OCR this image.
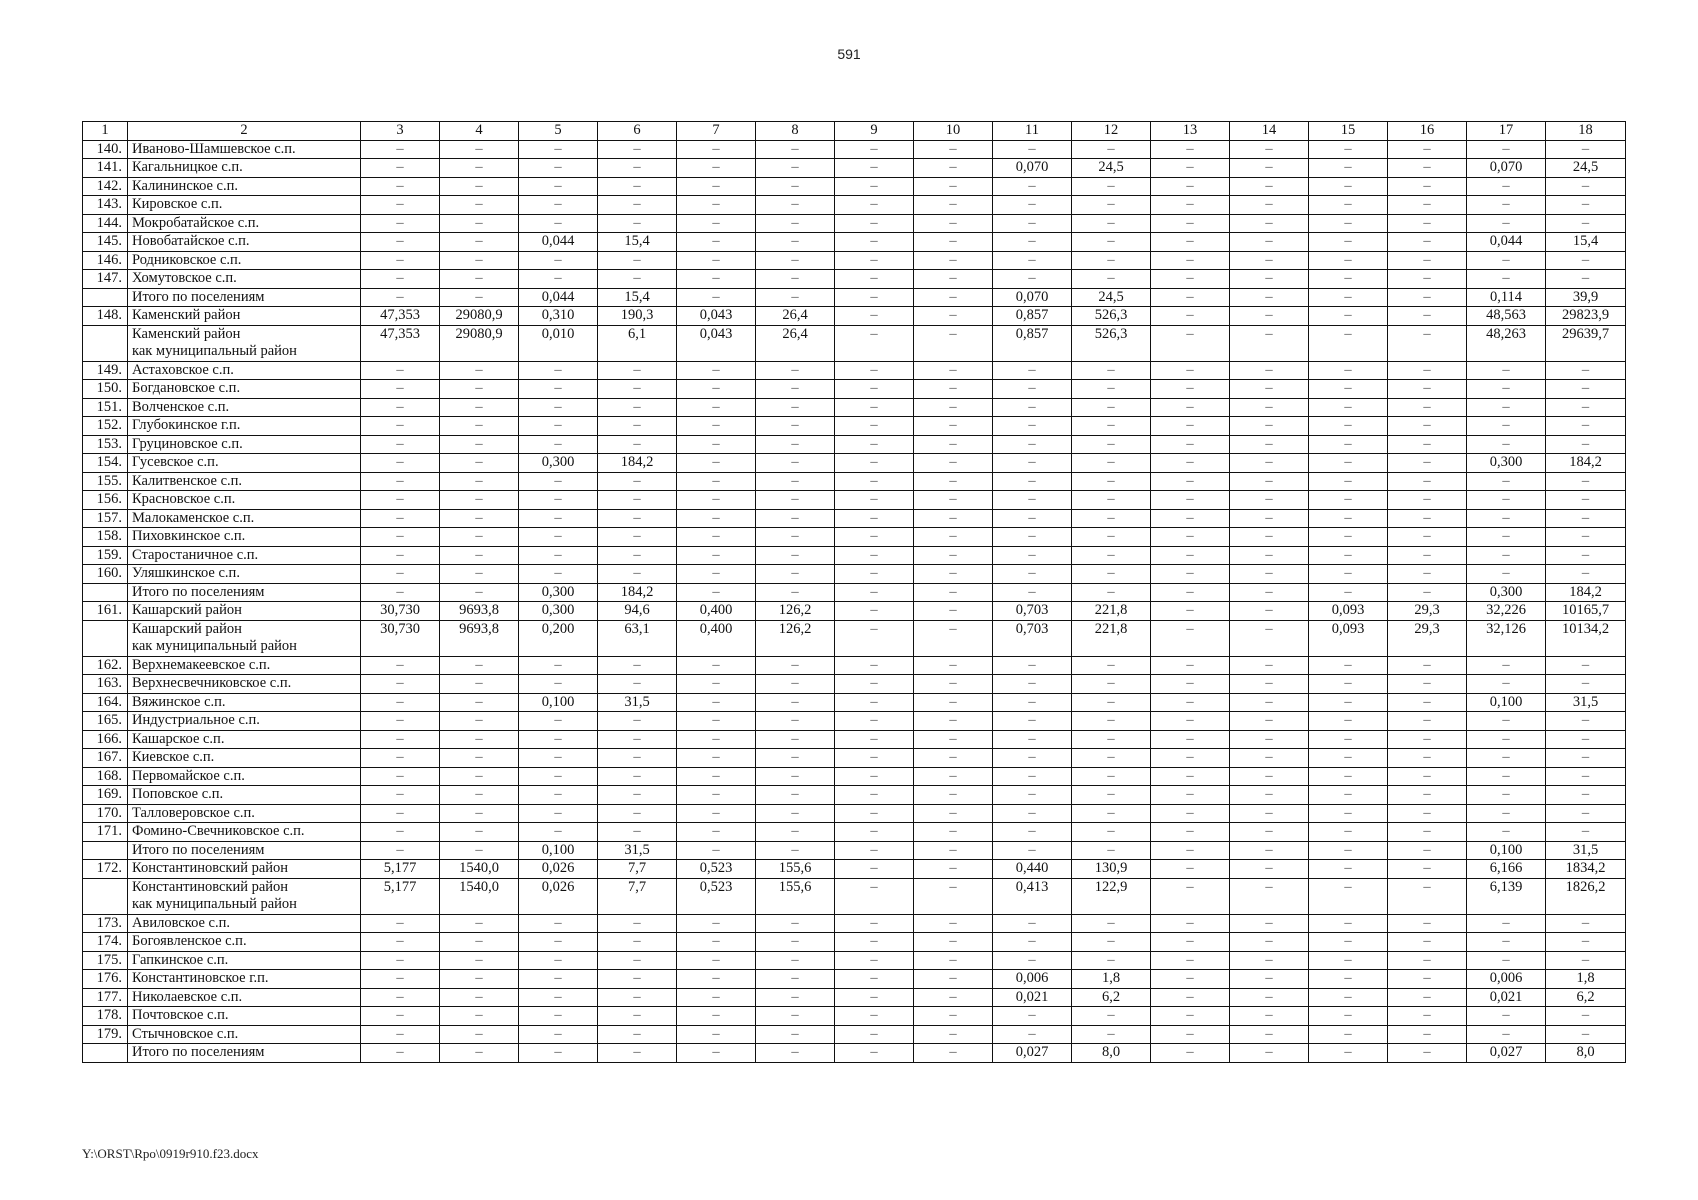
591
1	2	3	4	5	6	7	8	9	10	11	12	13	14	15	16	17	18
140.	Иваново-Шамшевское с.п.	–	–	–	–	–	–	–	–	–	–	–	–	–	–	–	–
141.	Кагальницкое с.п.	–	–	–	–	–	–	–	–	0,070	24,5	–	–	–	–	0,070	24,5
142.	Калининское с.п.	–	–	–	–	–	–	–	–	–	–	–	–	–	–	–	–
143.	Кировское с.п.	–	–	–	–	–	–	–	–	–	–	–	–	–	–	–	–
144.	Мокробатайское с.п.	–	–	–	–	–	–	–	–	–	–	–	–	–	–	–	–
145.	Новобатайское с.п.	–	–	0,044	15,4	–	–	–	–	–	–	–	–	–	–	0,044	15,4
146.	Родниковское с.п.	–	–	–	–	–	–	–	–	–	–	–	–	–	–	–	–
147.	Хомутовское с.п.	–	–	–	–	–	–	–	–	–	–	–	–	–	–	–	–
	Итого по поселениям	–	–	0,044	15,4	–	–	–	–	0,070	24,5	–	–	–	–	0,114	39,9
148.	Каменский район	47,353	29080,9	0,310	190,3	0,043	26,4	–	–	0,857	526,3	–	–	–	–	48,563	29823,9
	Каменский район
как муниципальный район	47,353	29080,9	0,010	6,1	0,043	26,4	–	–	0,857	526,3	–	–	–	–	48,263	29639,7
149.	Астаховское с.п.	–	–	–	–	–	–	–	–	–	–	–	–	–	–	–	–
150.	Богдановское с.п.	–	–	–	–	–	–	–	–	–	–	–	–	–	–	–	–
151.	Волченское с.п.	–	–	–	–	–	–	–	–	–	–	–	–	–	–	–	–
152.	Глубокинское г.п.	–	–	–	–	–	–	–	–	–	–	–	–	–	–	–	–
153.	Груциновское с.п.	–	–	–	–	–	–	–	–	–	–	–	–	–	–	–	–
154.	Гусевское с.п.	–	–	0,300	184,2	–	–	–	–	–	–	–	–	–	–	0,300	184,2
155.	Калитвенское с.п.	–	–	–	–	–	–	–	–	–	–	–	–	–	–	–	–
156.	Красновское с.п.	–	–	–	–	–	–	–	–	–	–	–	–	–	–	–	–
157.	Малокаменское с.п.	–	–	–	–	–	–	–	–	–	–	–	–	–	–	–	–
158.	Пиховкинское с.п.	–	–	–	–	–	–	–	–	–	–	–	–	–	–	–	–
159.	Старостаничное с.п.	–	–	–	–	–	–	–	–	–	–	–	–	–	–	–	–
160.	Уляшкинское с.п.	–	–	–	–	–	–	–	–	–	–	–	–	–	–	–	–
	Итого по поселениям	–	–	0,300	184,2	–	–	–	–	–	–	–	–	–	–	0,300	184,2
161.	Кашарский район	30,730	9693,8	0,300	94,6	0,400	126,2	–	–	0,703	221,8	–	–	0,093	29,3	32,226	10165,7
	Кашарский район
как муниципальный район	30,730	9693,8	0,200	63,1	0,400	126,2	–	–	0,703	221,8	–	–	0,093	29,3	32,126	10134,2
162.	Верхнемакеевское с.п.	–	–	–	–	–	–	–	–	–	–	–	–	–	–	–	–
163.	Верхнесвечниковское с.п.	–	–	–	–	–	–	–	–	–	–	–	–	–	–	–	–
164.	Вяжинское с.п.	–	–	0,100	31,5	–	–	–	–	–	–	–	–	–	–	0,100	31,5
165.	Индустриальное с.п.	–	–	–	–	–	–	–	–	–	–	–	–	–	–	–	–
166.	Кашарское с.п.	–	–	–	–	–	–	–	–	–	–	–	–	–	–	–	–
167.	Киевское с.п.	–	–	–	–	–	–	–	–	–	–	–	–	–	–	–	–
168.	Первомайское с.п.	–	–	–	–	–	–	–	–	–	–	–	–	–	–	–	–
169.	Поповское с.п.	–	–	–	–	–	–	–	–	–	–	–	–	–	–	–	–
170.	Талловеровское с.п.	–	–	–	–	–	–	–	–	–	–	–	–	–	–	–	–
171.	Фомино-Свечниковское с.п.	–	–	–	–	–	–	–	–	–	–	–	–	–	–	–	–
	Итого по поселениям	–	–	0,100	31,5	–	–	–	–	–	–	–	–	–	–	0,100	31,5
172.	Константиновский район	5,177	1540,0	0,026	7,7	0,523	155,6	–	–	0,440	130,9	–	–	–	–	6,166	1834,2
	Константиновский район
как муниципальный район	5,177	1540,0	0,026	7,7	0,523	155,6	–	–	0,413	122,9	–	–	–	–	6,139	1826,2
173.	Авиловское с.п.	–	–	–	–	–	–	–	–	–	–	–	–	–	–	–	–
174.	Богоявленское с.п.	–	–	–	–	–	–	–	–	–	–	–	–	–	–	–	–
175.	Гапкинское с.п.	–	–	–	–	–	–	–	–	–	–	–	–	–	–	–	–
176.	Константиновское г.п.	–	–	–	–	–	–	–	–	0,006	1,8	–	–	–	–	0,006	1,8
177.	Николаевское с.п.	–	–	–	–	–	–	–	–	0,021	6,2	–	–	–	–	0,021	6,2
178.	Почтовское с.п.	–	–	–	–	–	–	–	–	–	–	–	–	–	–	–	–
179.	Стычновское с.п.	–	–	–	–	–	–	–	–	–	–	–	–	–	–	–	–
	Итого по поселениям	–	–	–	–	–	–	–	–	0,027	8,0	–	–	–	–	0,027	8,0
Y:\ORST\Rpo\0919r910.f23.docx
